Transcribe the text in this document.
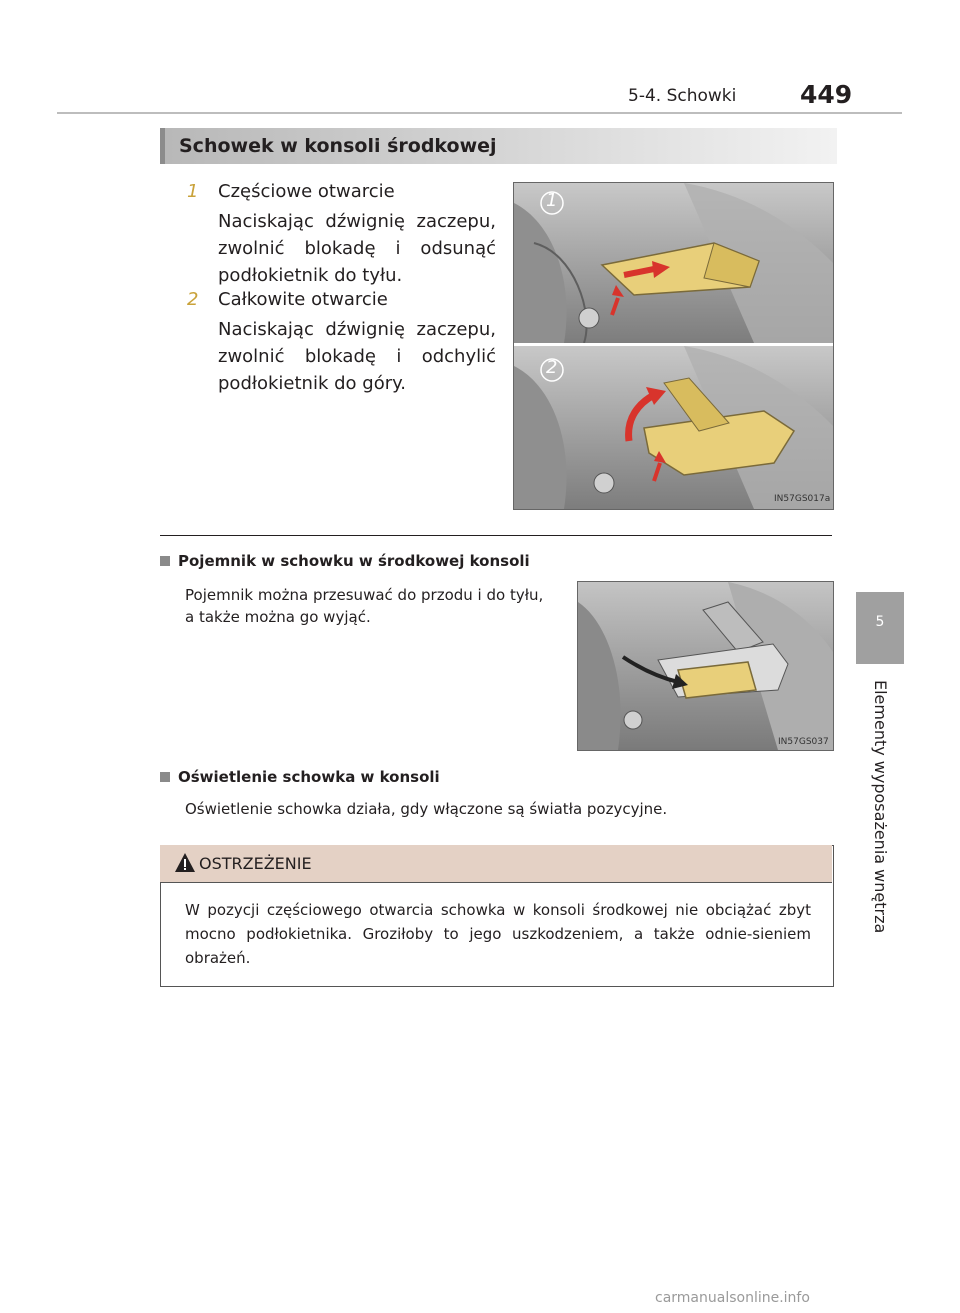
5-4. Schowki	449
5
Elementy wyposażenia wnętrza
Schowek w konsoli środkowej
1 Częściowe otwarcie
Naciskając dźwignię zaczepu, zwolnić blokadę i odsunąć podłokietnik do tyłu.
2 Całkowite otwarcie
Naciskając dźwignię zaczepu, zwolnić blokadę i odchylić podłokietnik do góry.
1
2
IN57GS017a
Pojemnik w schowku w środkowej konsoli
Pojemnik można przesuwać do przodu i do tyłu, a także można go wyjąć.
IN57GS037
Oświetlenie schowka w konsoli
Oświetlenie schowka działa, gdy włączone są światła pozycyjne.
OSTRZEŻENIE
W pozycji częściowego otwarcia schowka w konsoli środkowej nie obciążać zbyt mocno podłokietnika. Groziłoby to jego uszkodzeniem, a także odnie-sieniem obrażeń.
carmanualsonline.info
